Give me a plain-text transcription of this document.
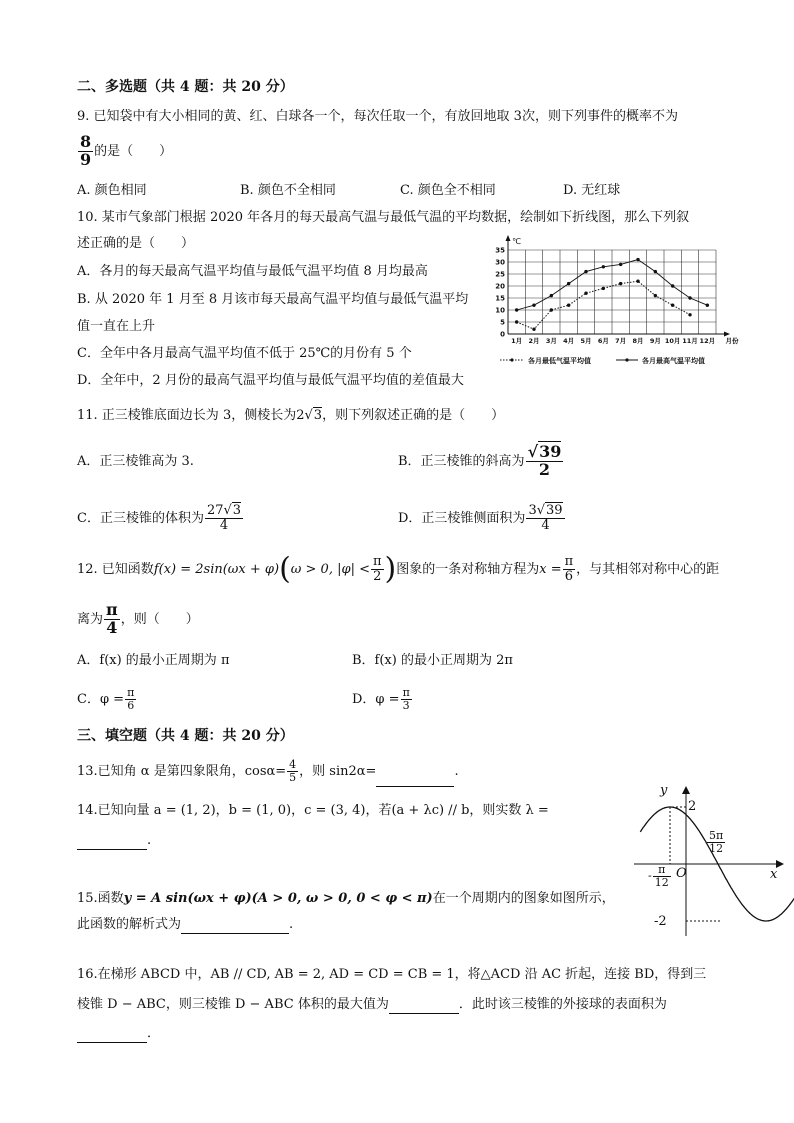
二、多选题（共 4 题：共 20 分）
9. 已知袋中有大小相同的黄、红、白球各一个，每次任取一个，有放回地取 3次，则下列事件的概率不为
$\frac{8}{9}$ 的是（　　）
A. 颜色相同	B. 颜色不全相同	C. 颜色全不相同	D. 无红球
10. 某市气象部门根据 2020 年各月的每天最高气温与最低气温的平均数据，绘制如下折线图，那么下列叙
述正确的是（　　）
A．各月的每天最高气温平均值与最低气温平均值 8 月均最高
B. 从 2020 年 1 月至 8 月该市每天最高气温平均值与最低气温平均
值一直在上升
C．全年中各月最高气温平均值不低于 25℃的月份有 5 个
D．全年中，2 月份的最高气温平均值与最低气温平均值的差值最大
0
5
10
15
20
25
30
35
℃
1月 2月 3月 4月 5月 6月 7月 8月 9月 10月 11月 12月 月份
各月最低气温平均值	各月最高气温平均值
11. 正三棱锥底面边长为 3，侧棱长为2√3，则下列叙述正确的是（　　）
A．正三棱锥高为 3.	B．正三棱锥的斜高为 $\frac{√39}{2}$
C．正三棱锥的体积为 $\frac{27√3}{4}$	D．正三棱锥侧面积为 $\frac{3√39}{4}$
12. 已知函数f(x) = 2sin(ωx + φ)(ω > 0, $|\varphi| < \frac{\pi}{2}$ )图象的一条对称轴方程为$x = \frac{\pi}{6}$ ，与其相邻对称中心的距
离为 $\frac{\pi}{4}$ ，则（　　）
A．f(x) 的最小正周期为 π	B．f(x) 的最小正周期为 2π
C．$\varphi = \frac{\pi}{6}$	D．$\varphi = \frac{\pi}{3}$
三、填空题（共 4 题：共 20 分）
13.已知角 α 是第四象限角，$\cos\alpha= \frac{4}{5}$ ，则 sin2α=	.
14.已知向量 a = (1, 2)，b = (1, 0)，c = (3, 4)，若(a + λc) // b，则实数 λ =
.
15.函数y = A sin(ωx + φ)(A > 0, ω > 0, 0 < φ < π)在一个周期内的图象如图所示，
此函数的解析式为	.
y
x
O
2
-2
- $\frac{\pi}{12}$
$\frac{5\pi}{12}$
16.在梯形 ABCD 中，AB // CD, AB = 2, AD = CD = CB = 1，将△ACD 沿 AC 折起，连接 BD，得到三
棱锥 D − ABC，则三棱锥 D − ABC 体积的最大值为	．此时该三棱锥的外接球的表面积为
．
